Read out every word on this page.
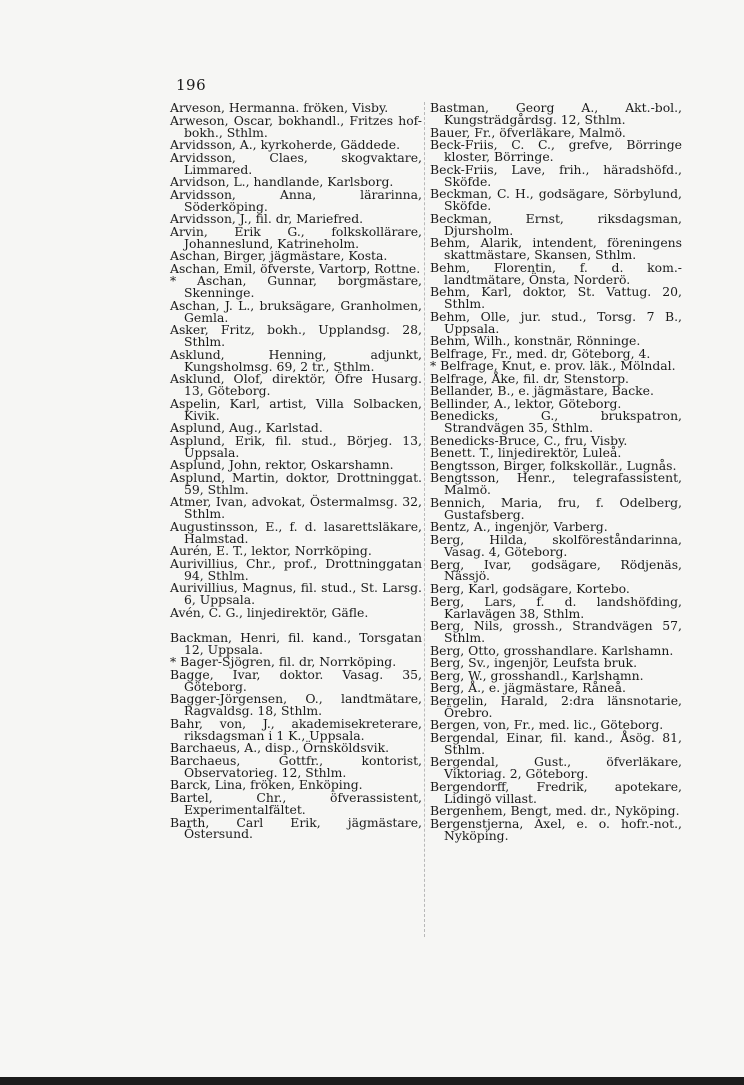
196

Arveson, Hermanna. fröken, Visby.

Arweson, Oscar, bokhandl., Fritzes hof-bokh., Sthlm.

Arvidsson, A., kyrkoherde, Gäddede.

Arvidsson, Claes, skogvaktare, Limmared.

Arvidson, L., handlande, Karlsborg.

Arvidsson, Anna, lärarinna, Söderköping.

Arvidsson, J., fil. dr, Mariefred.

Arvin, Erik G., folkskollärare, Johanneslund, Katrineholm.

Aschan, Birger, jägmästare, Kosta.

Aschan, Emil, öfverste, Vartorp, Rottne.

* Aschan, Gunnar, borgmästare, Skenninge.

Aschan, J. L., bruksägare, Granholmen, Gemla.

Asker, Fritz, bokh., Upplandsg. 28, Sthlm.

Asklund, Henning, adjunkt, Kungsholmsg. 69, 2 tr., Sthlm.

Asklund, Olof, direktör, Öfre Husarg. 13, Göteborg.

Aspelin, Karl, artist, Villa Solbacken, Kivik.

Asplund, Aug., Karlstad.

Asplund, Erik, fil. stud., Börjeg. 13, Uppsala.

Asplund, John, rektor, Oskarshamn.

Asplund, Martin, doktor, Drottninggat. 59, Sthlm.

Atmer, Ivan, advokat, Östermalmsg. 32, Sthlm.

Augustinsson, E., f. d. lasarettsläkare, Halmstad.

Aurén, E. T., lektor, Norrköping.

Aurivillius, Chr., prof., Drottninggatan 94, Sthlm.

Aurivillius, Magnus, fil. stud., St. Larsg. 6, Uppsala.

Avén, C. G., linjedirektör, Gäfle.

Backman, Henri, fil. kand., Torsgatan 12, Uppsala.

* Bager-Sjögren, fil. dr, Norrköping.

Bagge, Ivar, doktor. Vasag. 35, Göteborg.

Bagger-Jörgensen, O., landtmätare, Ragvaldsg. 18, Sthlm.

Bahr, von, J., akademisekreterare, riksdagsman i 1 K., Uppsala.

Barchaeus, A., disp., Örnsköldsvik.

Barchaeus, Gottfr., kontorist, Observatorieg. 12, Sthlm.

Barck, Lina, fröken, Enköping.

Bartel, Chr., öfverassistent, Experimentalfältet.

Barth, Carl Erik, jägmästare, Östersund.

Bastman, Georg A., Akt.-bol., Kungsträdgårdsg. 12, Sthlm.

Bauer, Fr., öfverläkare, Malmö.

Beck-Friis, C. C., grefve, Börringe kloster, Börringe.

Beck-Friis, Lave, frih., häradshöfd., Sköfde.

Beckman, C. H., godsägare, Sörbylund, Sköfde.

Beckman, Ernst, riksdagsman, Djursholm.

Behm, Alarik, intendent, föreningens skattmästare, Skansen, Sthlm.

Behm, Florentin, f. d. kom.-landtmätare, Önsta, Norderö.

Behm, Karl, doktor, St. Vattug. 20, Sthlm.

Behm, Olle, jur. stud., Torsg. 7 B., Uppsala.

Behm, Wilh., konstnär, Rönninge.

Belfrage, Fr., med. dr, Göteborg, 4.

* Belfrage, Knut, e. prov. läk., Mölndal.

Belfrage, Åke, fil. dr, Stenstorp.

Bellander, B., e. jägmästare, Backe.

Bellinder, A., lektor, Göteborg.

Benedicks, G., brukspatron, Strandvägen 35, Sthlm.

Benedicks-Bruce, C., fru, Visby.

Benett. T., linjedirektör, Luleå.

Bengtsson, Birger, folkskollär., Lugnås.

Bengtsson, Henr., telegrafassistent, Malmö.

Bennich, Maria, fru, f. Odelberg, Gustafsberg.

Bentz, A., ingenjör, Varberg.

Berg, Hilda, skolföreståndarinna, Vasag. 4, Göteborg.

Berg, Ivar, godsägare, Rödjenäs, Nässjö.

Berg, Karl, godsägare, Kortebo.

Berg, Lars, f. d. landshöfding, Karlavägen 38, Sthlm.

Berg, Nils, grossh., Strandvägen 57, Sthlm.

Berg, Otto, grosshandlare. Karlshamn.

Berg, Sv., ingenjör, Leufsta bruk.

Berg, W., grosshandl., Karlshamn.

Berg, Å., e. jägmästare, Råneå.

Bergelin, Harald, 2:dra länsnotarie, Örebro.

Bergen, von, Fr., med. lic., Göteborg.

Bergendal, Einar, fil. kand., Åsög. 81, Sthlm.

Bergendal, Gust., öfverläkare, Viktoriag. 2, Göteborg.

Bergendorff, Fredrik, apotekare, Lidingö villast.

Bergenhem, Bengt, med. dr., Nyköping.

Bergenstjerna, Axel, e. o. hofr.-not., Nyköping.
